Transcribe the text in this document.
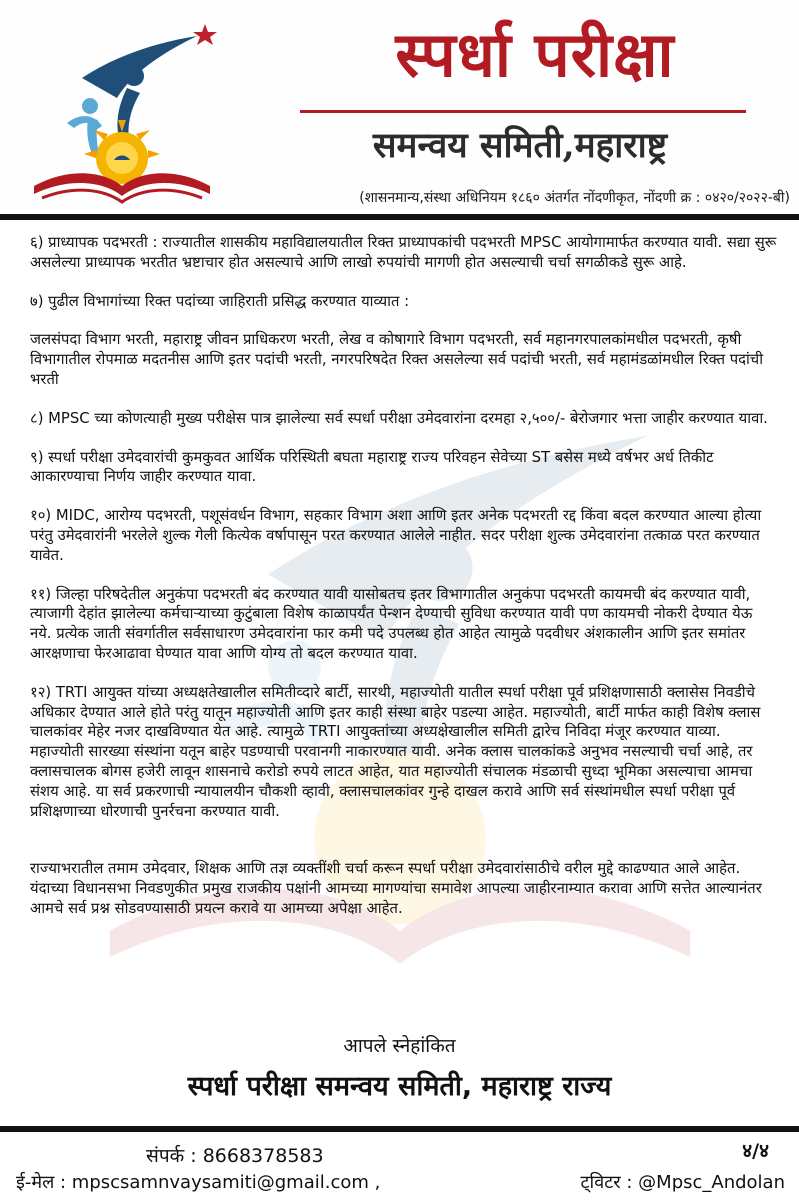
स्पर्धा परीक्षा
समन्वय समिती,महाराष्ट्र
(शासनमान्य,संस्था अधिनियम १८६० अंतर्गत नोंदणीकृत, नोंदणी क्र : ०४२०/२०२२-बी)

६) प्राध्यापक पदभरती : राज्यातील शासकीय महाविद्यालयातील रिक्त प्राध्यापकांची पदभरती MPSC आयोगामार्फत करण्यात यावी. सद्या सुरू असलेल्या प्राध्यापक भरतीत भ्रष्टाचार होत असल्याचे आणि लाखो रुपयांची मागणी होत असल्याची चर्चा सगळीकडे सुरू आहे.

७) पुढील विभागांच्या रिक्त पदांच्या जाहिराती प्रसिद्ध करण्यात याव्यात :

जलसंपदा विभाग भरती, महाराष्ट्र जीवन प्राधिकरण भरती, लेख व कोषागारे विभाग पदभरती, सर्व महानगरपालकांमधील पदभरती, कृषी विभागातील रोपमाळ मदतनीस आणि इतर पदांची भरती, नगरपरिषदेत रिक्त असलेल्या सर्व पदांची भरती, सर्व महामंडळांमधील रिक्त पदांची भरती

८) MPSC च्या कोणत्याही मुख्य परीक्षेस पात्र झालेल्या सर्व स्पर्धा परीक्षा उमेदवारांना दरमहा २,५००/- बेरोजगार भत्ता जाहीर करण्यात यावा.

९) स्पर्धा परीक्षा उमेदवारांची कुमकुवत आर्थिक परिस्थिती बघता महाराष्ट्र राज्य परिवहन सेवेच्या ST बसेस मध्ये वर्षभर अर्ध तिकीट आकारण्याचा निर्णय जाहीर करण्यात यावा.

१०) MIDC, आरोग्य पदभरती, पशूसंवर्धन विभाग, सहकार विभाग अशा आणि इतर अनेक पदभरती रद्द किंवा बदल करण्यात आल्या होत्या परंतु उमेदवारांनी भरलेले शुल्क गेली कित्येक वर्षापासून परत करण्यात आलेले नाहीत. सदर परीक्षा शुल्क उमेदवारांना तत्काळ परत करण्यात यावेत.

११) जिल्हा परिषदेतील अनुकंपा पदभरती बंद करण्यात यावी यासोबतच इतर विभागातील अनुकंपा पदभरती कायमची बंद करण्यात यावी, त्याजागी देहांत झालेल्या कर्मचाऱ्याच्या कुटुंबाला विशेष काळापर्यंत पेन्शन देण्याची सुविधा करण्यात यावी पण कायमची नोकरी देण्यात येऊ नये. प्रत्येक जाती संवर्गातील सर्वसाधारण उमेदवारांना फार कमी पदे उपलब्ध होत आहेत त्यामुळे पदवीधर अंशकालीन आणि इतर समांतर आरक्षणाचा फेरआढावा घेण्यात यावा आणि योग्य तो बदल करण्यात यावा.

१२) TRTI आयुक्त यांच्या अध्यक्षतेखालील समितीव्दारे बार्टी, सारथी, महाज्योती यातील स्पर्धा परीक्षा पूर्व प्रशिक्षणासाठी क्लासेस निवडीचे अधिकार देण्यात आले होते परंतु यातून महाज्योती आणि इतर काही संस्था बाहेर पडल्या आहेत. महाज्योती, बार्टी मार्फत काही विशेष क्लास चालकांवर मेहेर नजर दाखविण्यात येत आहे. त्यामुळे TRTI आयुक्तांच्या अध्यक्षेखालील समिती द्वारेच निविदा मंजूर करण्यात याव्या. महाज्योती सारख्या संस्थांना यतून बाहेर पडण्याची परवानगी नाकारण्यात यावी. अनेक क्लास चालकांकडे अनुभव नसल्याची चर्चा आहे, तर क्लासचालक बोगस हजेरी लावून शासनाचे करोडो रुपये लाटत आहेत, यात महाज्योती संचालक मंडळाची सुध्दा भूमिका असल्याचा आमचा संशय आहे. या सर्व प्रकरणाची न्यायालयीन चौकशी व्हावी, क्लासचालकांवर गुन्हे दाखल करावे आणि सर्व संस्थांमधील स्पर्धा परीक्षा पूर्व प्रशिक्षणाच्या धोरणाची पुनर्रचना करण्यात यावी.

राज्याभरातील तमाम उमेदवार, शिक्षक आणि तज्ञ व्यक्तींशी चर्चा करून स्पर्धा परीक्षा उमेदवारांसाठीचे वरील मुद्दे काढण्यात आले आहेत. यंदाच्या विधानसभा निवडणुकीत प्रमुख राजकीय पक्षांनी आमच्या मागण्यांचा समावेश आपल्या जाहीरनाम्यात करावा आणि सत्तेत आल्यानंतर आमचे सर्व प्रश्न सोडवण्यासाठी प्रयत्न करावे या आमच्या अपेक्षा आहेत.

आपले स्नेहांकित
स्पर्धा परीक्षा समन्वय समिती, महाराष्ट्र राज्य
संपर्क : 8668378583	४/४
ई-मेल : mpscsamnvaysamiti@gmail.com ,	ट्विटर : @Mpsc_Andolan
